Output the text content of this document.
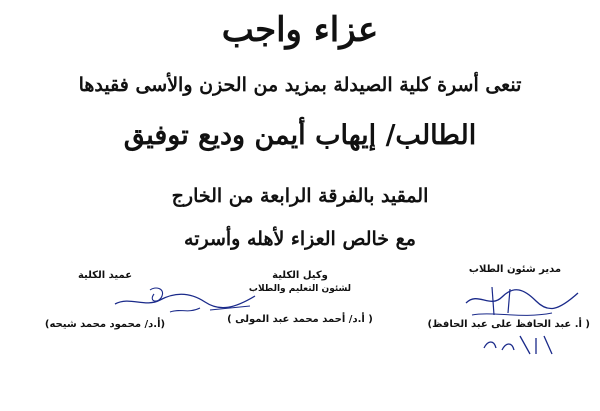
عزاء واجب
تنعى أسرة كلية الصيدلة بمزيد من الحزن والأسى فقيدها
الطالب/ إيهاب أيمن وديع توفيق
المقيد بالفرقة الرابعة من الخارج
مع خالص العزاء لأهله وأسرته
عميد الكلية
(أ.د/ محمود محمد شيحه)
وكيل الكلية
لشئون التعليم والطلاب
( أ.د/ أحمد محمد عبد المولى )
مدير شئون الطلاب
( أ. عبد الحافظ على عبد الحافظ)
